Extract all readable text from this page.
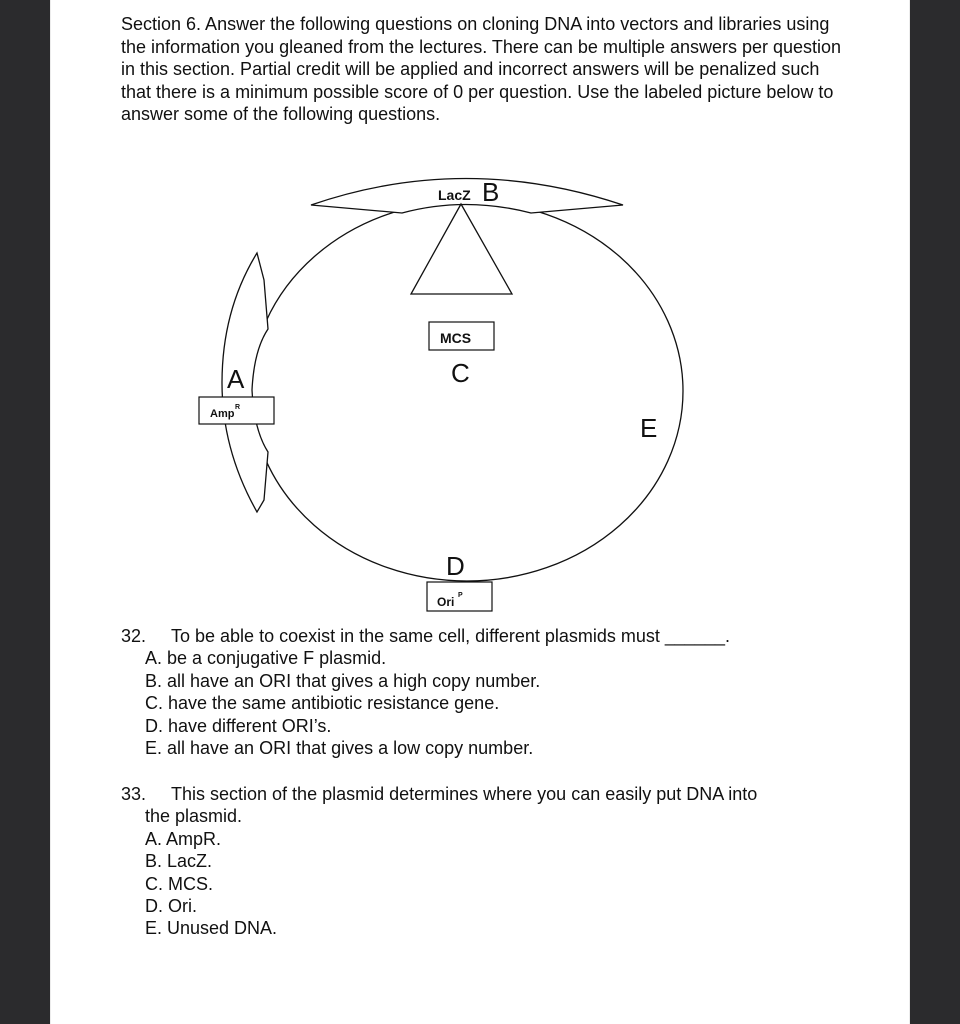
Section 6. Answer the following questions on cloning DNA into vectors and libraries using the information you gleaned from the lectures. There can be multiple answers per question in this section. Partial credit will be applied and incorrect answers will be penalized such that there is a minimum possible score of 0 per question. Use the labeled picture below to answer some of the following questions.
LacZ B
MCS
C
A
Amp
R
E
D
Ori P
32. To be able to coexist in the same cell, different plasmids must ______.
A. be a conjugative F plasmid.
B. all have an ORI that gives a high copy number.
C. have the same antibiotic resistance gene.
D. have different ORI’s.
E. all have an ORI that gives a low copy number.
33. This section of the plasmid determines where you can easily put DNA into
the plasmid.
A. AmpR.
B. LacZ.
C. MCS.
D. Ori.
E. Unused DNA.
